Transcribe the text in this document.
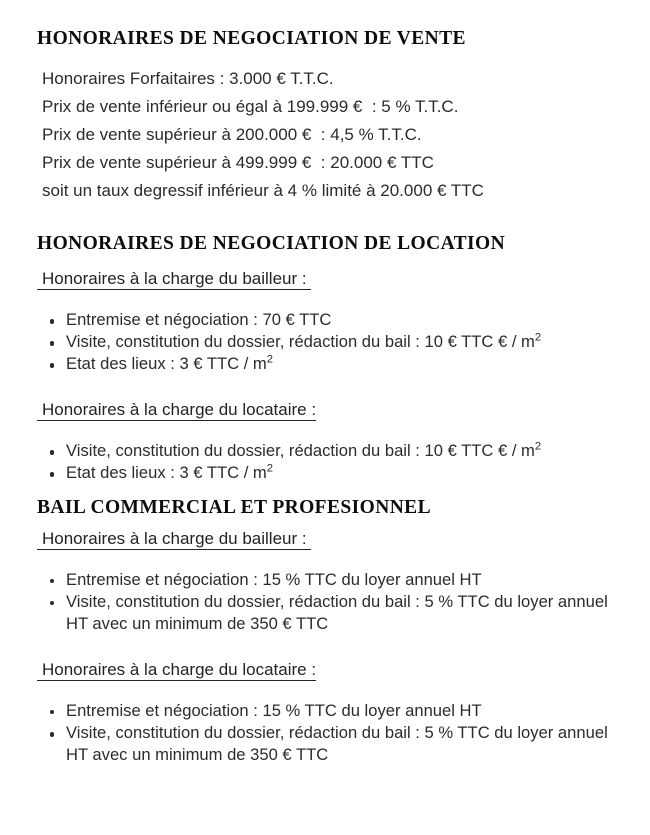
HONORAIRES DE NEGOCIATION DE VENTE

Honoraires Forfaitaires : 3.000 € T.T.C.

Prix de vente inférieur ou égal à 199.999 €  : 5 % T.T.C.

Prix de vente supérieur à 200.000 €  : 4,5 % T.T.C.

Prix de vente supérieur à 499.999 €  : 20.000 € TTC

soit un taux degressif inférieur à 4 % limité à 20.000 € TTC

HONORAIRES DE NEGOCIATION DE LOCATION

Honoraires à la charge du bailleur :

Entremise et négociation : 70 € TTC
Visite, constitution du dossier, rédaction du bail : 10 € TTC € / $m^2$
Etat des lieux : 3 € TTC / $m^2$

Honoraires à la charge du locataire :

Visite, constitution du dossier, rédaction du bail : 10 € TTC € / $m^2$
Etat des lieux : 3 € TTC / $m^2$
BAIL COMMERCIAL ET PROFESIONNEL

Honoraires à la charge du bailleur :

Entremise et négociation : 15 % TTC du loyer annuel HT
Visite, constitution du dossier, rédaction du bail : 5 % TTC du loyer annuel HT avec un minimum de 350 € TTC

Honoraires à la charge du locataire :

Entremise et négociation : 15 % TTC du loyer annuel HT
Visite, constitution du dossier, rédaction du bail : 5 % TTC du loyer annuel HT avec un minimum de 350 € TTC
